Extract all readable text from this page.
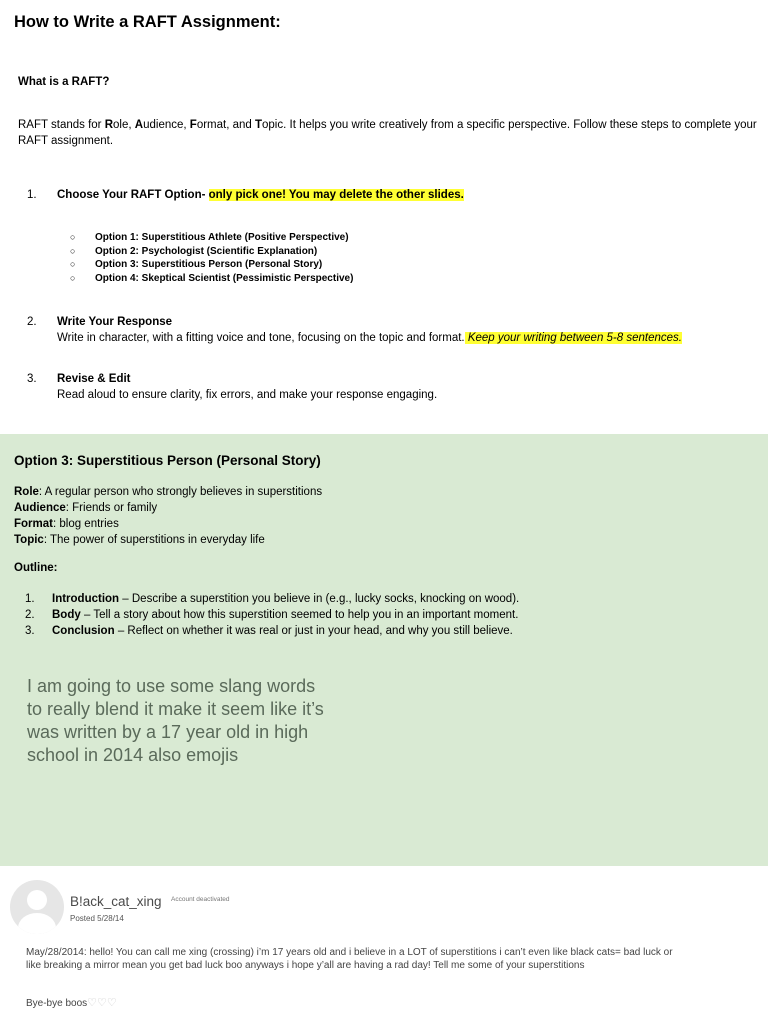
How to Write a RAFT Assignment:
What is a RAFT?
RAFT stands for Role, Audience, Format, and Topic. It helps you write creatively from a specific perspective. Follow these steps to complete your RAFT assignment.
1. Choose Your RAFT Option- only pick one! You may delete the other slides.
○ Option 1: Superstitious Athlete (Positive Perspective)
○ Option 2: Psychologist (Scientific Explanation)
○ Option 3: Superstitious Person (Personal Story)
○ Option 4: Skeptical Scientist (Pessimistic Perspective)
2. Write Your Response
Write in character, with a fitting voice and tone, focusing on the topic and format. Keep your writing between 5-8 sentences.
3. Revise & Edit
Read aloud to ensure clarity, fix errors, and make your response engaging.
Option 3: Superstitious Person (Personal Story)
Role: A regular person who strongly believes in superstitions
Audience: Friends or family
Format: blog entries
Topic: The power of superstitions in everyday life
Outline:
1. Introduction – Describe a superstition you believe in (e.g., lucky socks, knocking on wood).
2. Body – Tell a story about how this superstition seemed to help you in an important moment.
3. Conclusion – Reflect on whether it was real or just in your head, and why you still believe.
I am going to use some slang words to really blend it make it seem like it’s was written by a 17 year old in high school in 2014 also emojis
B!ack_cat_xing Account deactivated
Posted 5/28/14
May/28/2014: hello! You can call me xing (crossing) i’m 17 years old and i believe in a LOT of superstitions i can’t even like black cats= bad luck or like breaking a mirror mean you get bad luck boo anyways i hope y’all are having a rad day! Tell me some of your superstitions
Bye-bye boos♡♡♡
